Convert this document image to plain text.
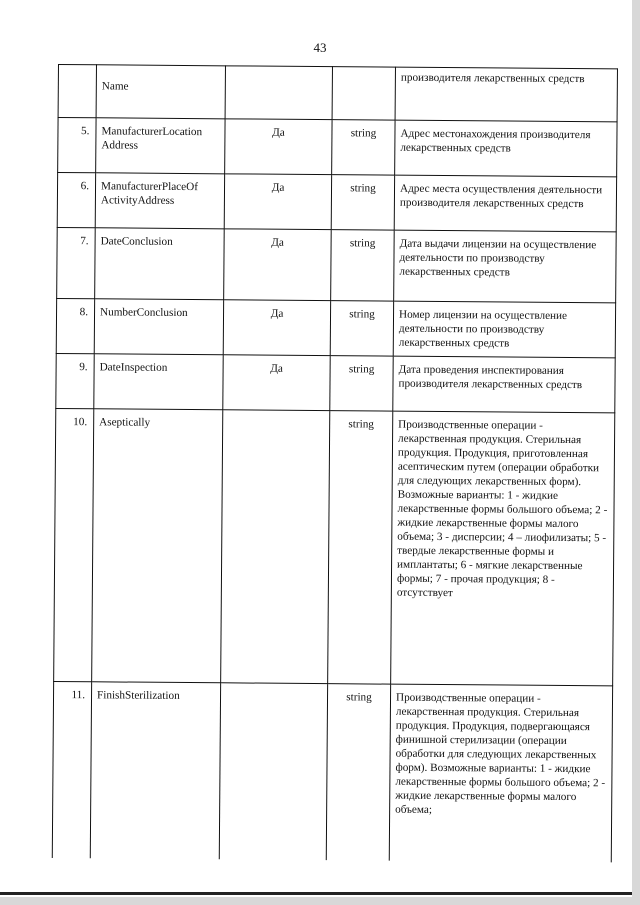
43
	Name			производителя лекарственных средств
5.	ManufacturerLocation Address	Да	string	Адрес местонахождения производителя лекарственных средств
6.	ManufacturerPlaceOf ActivityAddress	Да	string	Адрес места осуществления деятельности производителя лекарственных средств
7.	DateConclusion	Да	string	Дата выдачи лицензии на осуществление деятельности по производству лекарственных средств
8.	NumberConclusion	Да	string	Номер лицензии на осуществление деятельности по производству лекарственных средств
9.	DateInspection	Да	string	Дата проведения инспектирования производителя лекарственных средств
10.	Aseptically		string	Производственные операции - лекарственная продукция. Стерильная продукция. Продукция, приготовленная асептическим путем (операции обработки для следующих лекарственных форм). Возможные варианты: 1 - жидкие лекарственные формы большого объема; 2 - жидкие лекарственные формы малого объема; 3 - дисперсии; 4 – лиофилизаты; 5 - твердые лекарственные формы и имплантаты; 6 - мягкие лекарственные формы; 7 - прочая продукция; 8 - отсутствует
11.	FinishSterilization		string	Производственные операции - лекарственная продукция. Стерильная продукция. Продукция, подвергающаяся финишной стерилизации (операции обработки для следующих лекарственных форм). Возможные варианты: 1 - жидкие лекарственные формы большого объема; 2 - жидкие лекарственные формы малого объема;
